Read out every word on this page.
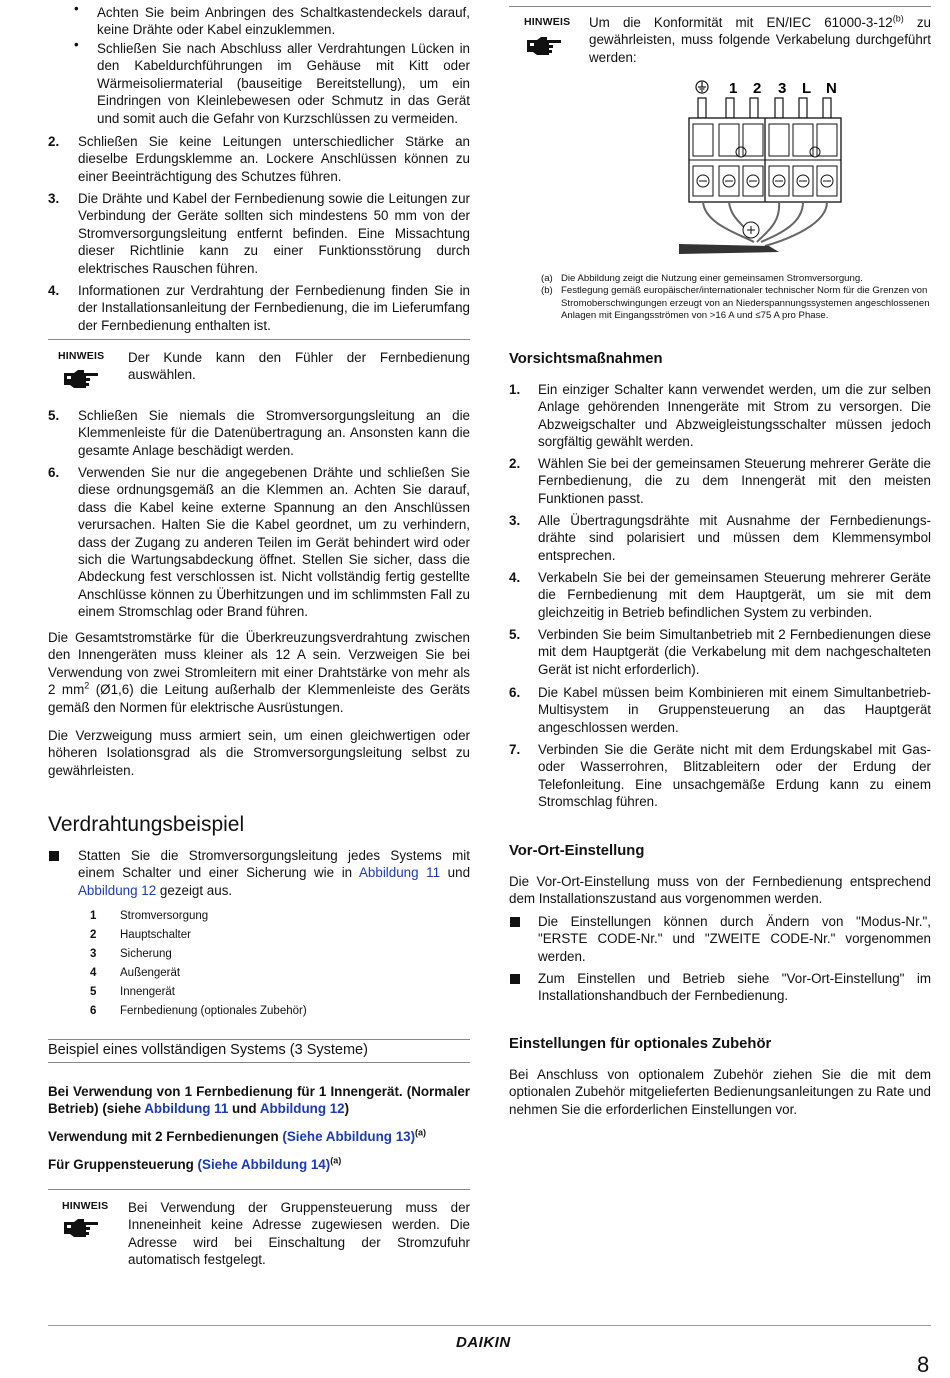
• Achten Sie beim Anbringen des Schaltkastendeckels darauf, keine Drähte oder Kabel einzuklemmen.

• Schließen Sie nach Abschluss aller Verdrahtungen Lücken in den Kabeldurchführungen im Gehäuse mit Kitt oder Wärmeisoliermaterial (bauseitige Bereitstellung), um ein Eindringen von Kleinlebewesen oder Schmutz in das Gerät und somit auch die Gefahr von Kurzschlüssen zu vermeiden.

2. Schließen Sie keine Leitungen unterschiedlicher Stärke an dieselbe Erdungsklemme an. Lockere Anschlüssen können zu einer Beeinträchtigung des Schutzes führen.

3. Die Drähte und Kabel der Fernbedienung sowie die Leitungen zur Verbindung der Geräte sollten sich mindestens 50 mm von der Stromversorgungsleitung entfernt befinden. Eine Missachtung dieser Richtlinie kann zu einer Funktionsstörung durch elektrisches Rauschen führen.

4. Informationen zur Verdrahtung der Fernbedienung finden Sie in der Installationsanleitung der Fernbedienung, die im Lieferumfang der Fernbedienung enthalten ist.

HINWEIS Der Kunde kann den Fühler der Fernbedienung auswählen.

5. Schließen Sie niemals die Stromversorgungsleitung an die Klemmenleiste für die Datenübertragung an. Ansonsten kann die gesamte Anlage beschädigt werden.

6. Verwenden Sie nur die angegebenen Drähte und schließen Sie diese ordnungsgemäß an die Klemmen an. Achten Sie darauf, dass die Kabel keine externe Spannung an den Anschlüssen verursachen. Halten Sie die Kabel geordnet, um zu verhindern, dass der Zugang zu anderen Teilen im Gerät behindert wird oder sich die Wartungsabdeckung öffnet. Stellen Sie sicher, dass die Abdeckung fest verschlossen ist. Nicht vollständig fertig gestellte Anschlüsse können zu Überhitzungen und im schlimmsten Fall zu einem Stromschlag oder Brand führen.

Die Gesamtstromstärke für die Überkreuzungsverdrahtung zwischen den Innengeräten muss kleiner als 12 A sein. Verzweigen Sie bei Verwendung von zwei Stromleitern mit einer Drahtstärke von mehr als 2 $mm^2$ (Ø1,6) die Leitung außerhalb der Klemmenleiste des Geräts gemäß den Normen für elektrische Ausrüstungen.

Die Verzweigung muss armiert sein, um einen gleichwertigen oder höheren Isolationsgrad als die Stromversorgungsleitung selbst zu gewährleisten.

Verdrahtungsbeispiel

Statten Sie die Stromversorgungsleitung jedes Systems mit einem Schalter und einer Sicherung wie in Abbildung 11 und Abbildung 12 gezeigt aus.

1 Stromversorgung
2 Hauptschalter
3 Sicherung
4 Außengerät
5 Innengerät
6 Fernbedienung (optionales Zubehör)
Beispiel eines vollständigen Systems (3 Systeme)

Bei Verwendung von 1 Fernbedienung für 1 Innengerät. (Normaler Betrieb) (siehe Abbildung 11 und Abbildung 12)

Verwendung mit 2 Fernbedienungen (Siehe Abbildung 13)$^{(a)}$

Für Gruppensteuerung (Siehe Abbildung 14)$^{(a)}$

HINWEIS Bei Verwendung der Gruppensteuerung muss der Inneneinheit keine Adresse zugewiesen werden. Die Adresse wird bei Einschaltung der Stromzufuhr automatisch festgelegt.

HINWEIS Um die Konformität mit EN/IEC 61000-3-12$^{(b)}$ zu gewährleisten, muss folgende Verkabelung durchgeführt werden:

1 2 3 L N
(a) Die Abbildung zeigt die Nutzung einer gemeinsamen Stromversorgung.

(b) Festlegung gemäß europäischer/internationaler technischer Norm für die Grenzen von Stromoberschwingungen erzeugt von an Niederspannungssystemen angeschlossenen Anlagen mit Eingangsströmen von >16 A und ≤75 A pro Phase.

Vorsichtsmaßnahmen
1. Ein einziger Schalter kann verwendet werden, um die zur selben Anlage gehörenden Innengeräte mit Strom zu versorgen. Die Abzweigschalter und Abzweigleistungsschalter müssen jedoch sorgfältig gewählt werden.

2. Wählen Sie bei der gemeinsamen Steuerung mehrerer Geräte die Fernbedienung, die zu dem Innengerät mit den meisten Funktionen passt.

3. Alle Übertragungsdrähte mit Ausnahme der Fernbedienungs-drähte sind polarisiert und müssen dem Klemmensymbol entsprechen.

4. Verkabeln Sie bei der gemeinsamen Steuerung mehrerer Geräte die Fernbedienung mit dem Hauptgerät, um sie mit dem gleichzeitig in Betrieb befindlichen System zu verbinden.

5. Verbinden Sie beim Simultanbetrieb mit 2 Fernbedienungen diese mit dem Hauptgerät (die Verkabelung mit dem nachgeschalteten Gerät ist nicht erforderlich).

6. Die Kabel müssen beim Kombinieren mit einem Simultanbetrieb-Multisystem in Gruppensteuerung an das Hauptgerät angeschlossen werden.

7. Verbinden Sie die Geräte nicht mit dem Erdungskabel mit Gas- oder Wasserrohren, Blitzableitern oder der Erdung der Telefonleitung. Eine unsachgemäße Erdung kann zu einem Stromschlag führen.

Vor-Ort-Einstellung

Die Vor-Ort-Einstellung muss von der Fernbedienung entsprechend dem Installationszustand aus vorgenommen werden.

Die Einstellungen können durch Ändern von "Modus-Nr.", "ERSTE CODE-Nr." und "ZWEITE CODE-Nr." vorgenommen werden.

Zum Einstellen und Betrieb siehe "Vor-Ort-Einstellung" im Installationshandbuch der Fernbedienung.

Einstellungen für optionales Zubehör

Bei Anschluss von optionalem Zubehör ziehen Sie die mit dem optionalen Zubehör mitgelieferten Bedienungsanleitungen zu Rate und nehmen Sie die erforderlichen Einstellungen vor.

DAIKIN
8
